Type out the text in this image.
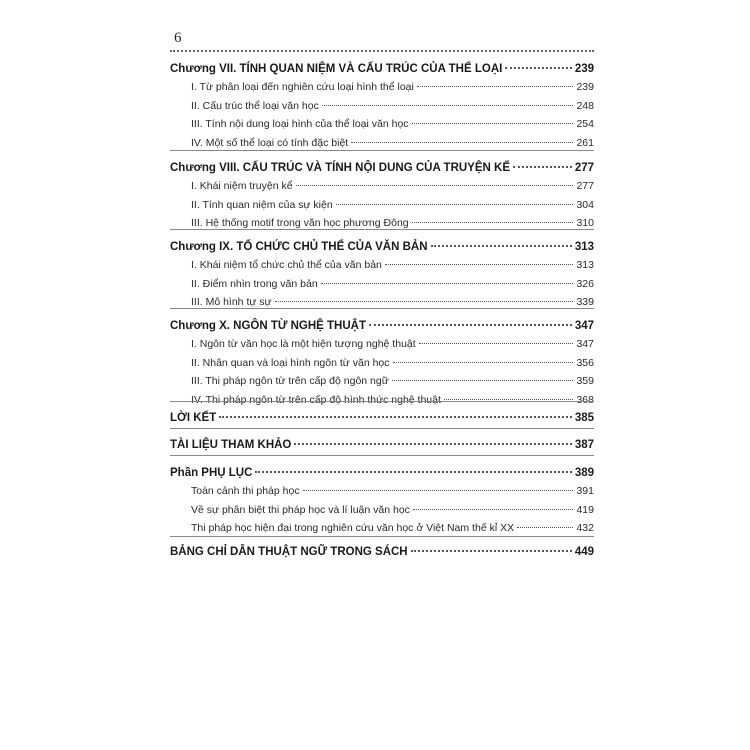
6
Chương VII. TÍNH QUAN NIỆM VÀ CẤU TRÚC CỦA THỂ LOẠI	239
I. Từ phân loại đến nghiên cứu loại hình thể loại	239
II. Cấu trúc thể loại văn học	248
III. Tính nội dung loại hình của thể loại văn học	254
IV. Một số thể loại có tính đặc biệt	261
Chương VIII. CẤU TRÚC VÀ TÍNH NỘI DUNG CỦA TRUYỆN KỂ	277
I. Khái niệm truyện kể	277
II. Tính quan niệm của sự kiện	304
III. Hệ thống motif trong văn học phương Đông	310
Chương IX. TỔ CHỨC CHỦ THỂ CỦA VĂN BẢN	313
I. Khái niệm tổ chức chủ thể của văn bản	313
II. Điểm nhìn trong văn bản	326
III. Mô hình tự sự	339
Chương X. NGÔN TỪ NGHỆ THUẬT	347
I. Ngôn từ văn học là một hiện tượng nghệ thuật	347
II. Nhân quan và loại hình ngôn từ văn học	356
III. Thi pháp ngôn từ trên cấp độ ngôn ngữ	359
IV. Thi pháp ngôn từ trên cấp độ hình thức nghệ thuật	368
LỜI KẾT	385
TÀI LIỆU THAM KHẢO	387
Phần PHỤ LỤC	389
Toàn cảnh thi pháp học	391
Về sự phân biệt thi pháp học và lí luận văn học	419
Thi pháp học hiện đại trong nghiên cứu văn học ở Việt Nam thế kỉ XX	432
BẢNG CHỈ DẪN THUẬT NGỮ TRONG SÁCH	449
